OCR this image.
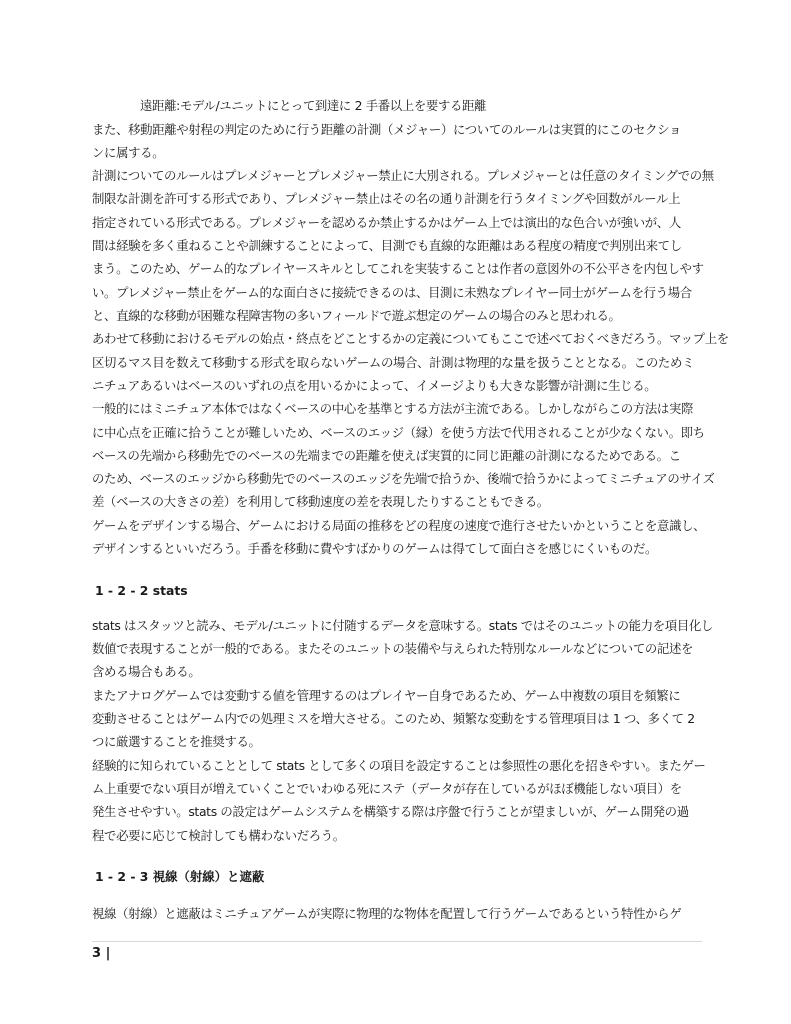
遠距離:モデル/ユニットにとって到達に 2 手番以上を要する距離
また、移動距離や射程の判定のために行う距離の計測（メジャー）についてのルールは実質的にこのセクショ
ンに属する。
計測についてのルールはプレメジャーとプレメジャー禁止に大別される。プレメジャーとは任意のタイミングでの無
制限な計測を許可する形式であり、プレメジャー禁止はその名の通り計測を行うタイミングや回数がルール上
指定されている形式である。プレメジャーを認めるか禁止するかはゲーム上では演出的な色合いが強いが、人
間は経験を多く重ねることや訓練することによって、目測でも直線的な距離はある程度の精度で判別出来てし
まう。このため、ゲーム的なプレイヤースキルとしてこれを実装することは作者の意図外の不公平さを内包しやす
い。プレメジャー禁止をゲーム的な面白さに接続できるのは、目測に未熟なプレイヤー同士がゲームを行う場合
と、直線的な移動が困難な程障害物の多いフィールドで遊ぶ想定のゲームの場合のみと思われる。
あわせて移動におけるモデルの始点・終点をどことするかの定義についてもここで述べておくべきだろう。マップ上を
区切るマス目を数えて移動する形式を取らないゲームの場合、計測は物理的な量を扱うこととなる。このためミ
ニチュアあるいはベースのいずれの点を用いるかによって、イメージよりも大きな影響が計測に生じる。
一般的にはミニチュア本体ではなくベースの中心を基準とする方法が主流である。しかしながらこの方法は実際
に中心点を正確に拾うことが難しいため、ベースのエッジ（縁）を使う方法で代用されることが少なくない。即ち
ベースの先端から移動先でのベースの先端までの距離を使えば実質的に同じ距離の計測になるためである。こ
のため、ベースのエッジから移動先でのベースのエッジを先端で拾うか、後端で拾うかによってミニチュアのサイズ
差（ベースの大きさの差）を利用して移動速度の差を表現したりすることもできる。
ゲームをデザインする場合、ゲームにおける局面の推移をどの程度の速度で進行させたいかということを意識し、
デザインするといいだろう。手番を移動に費やすばかりのゲームは得てして面白さを感じにくいものだ。
1 - 2 - 2 stats
stats はスタッツと読み、モデル/ユニットに付随するデータを意味する。stats ではそのユニットの能力を項目化し
数値で表現することが一般的である。またそのユニットの装備や与えられた特別なルールなどについての記述を
含める場合もある。
またアナログゲームでは変動する値を管理するのはプレイヤー自身であるため、ゲーム中複数の項目を頻繁に
変動させることはゲーム内での処理ミスを増大させる。このため、頻繁な変動をする管理項目は 1 つ、多くて 2
つに厳選することを推奨する。
経験的に知られていることとして stats として多くの項目を設定することは参照性の悪化を招きやすい。またゲー
ム上重要でない項目が増えていくことでいわゆる死にステ（データが存在しているがほぼ機能しない項目）を
発生させやすい。stats の設定はゲームシステムを構築する際は序盤で行うことが望ましいが、ゲーム開発の過
程で必要に応じて検討しても構わないだろう。
1 - 2 - 3 視線（射線）と遮蔽
視線（射線）と遮蔽はミニチュアゲームが実際に物理的な物体を配置して行うゲームであるという特性からゲ
3 |
